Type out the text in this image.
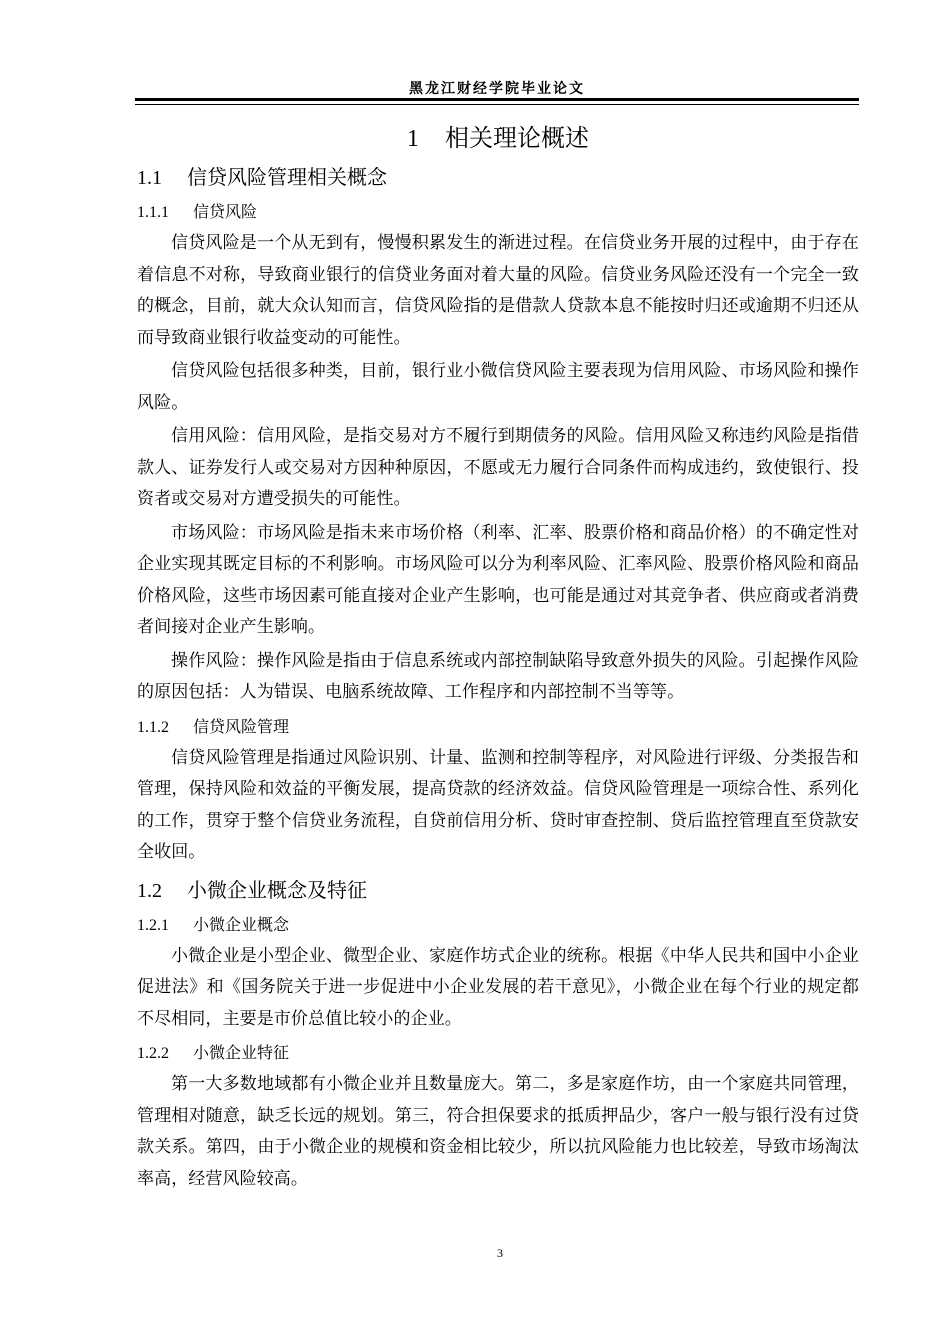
黑龙江财经学院毕业论文
1 相关理论概述
1.1 信贷风险管理相关概念
1.1.1 信贷风险

信贷风险是一个从无到有，慢慢积累发生的渐进过程。在信贷业务开展的过程中，由于存在着信息不对称，导致商业银行的信贷业务面对着大量的风险。信贷业务风险还没有一个完全一致的概念，目前，就大众认知而言，信贷风险指的是借款人贷款本息不能按时归还或逾期不归还从而导致商业银行收益变动的可能性。

信贷风险包括很多种类，目前，银行业小微信贷风险主要表现为信用风险、市场风险和操作风险。

信用风险：信用风险，是指交易对方不履行到期债务的风险。信用风险又称违约风险是指借款人、证券发行人或交易对方因种种原因，不愿或无力履行合同条件而构成违约，致使银行、投资者或交易对方遭受损失的可能性。

市场风险：市场风险是指未来市场价格（利率、汇率、股票价格和商品价格）的不确定性对企业实现其既定目标的不利影响。市场风险可以分为利率风险、汇率风险、股票价格风险和商品价格风险，这些市场因素可能直接对企业产生影响，也可能是通过对其竞争者、供应商或者消费者间接对企业产生影响。

操作风险：操作风险是指由于信息系统或内部控制缺陷导致意外损失的风险。引起操作风险的原因包括：人为错误、电脑系统故障、工作程序和内部控制不当等等。

1.1.2 信贷风险管理

信贷风险管理是指通过风险识别、计量、监测和控制等程序，对风险进行评级、分类报告和管理，保持风险和效益的平衡发展，提高贷款的经济效益。信贷风险管理是一项综合性、系列化的工作，贯穿于整个信贷业务流程，自贷前信用分析、贷时审查控制、贷后监控管理直至贷款安全收回。

1.2 小微企业概念及特征
1.2.1 小微企业概念

小微企业是小型企业、微型企业、家庭作坊式企业的统称。根据《中华人民共和国中小企业促进法》和《国务院关于进一步促进中小企业发展的若干意见》，小微企业在每个行业的规定都不尽相同，主要是市价总值比较小的企业。

1.2.2 小微企业特征

第一大多数地域都有小微企业并且数量庞大。第二，多是家庭作坊，由一个家庭共同管理，管理相对随意，缺乏长远的规划。第三，符合担保要求的抵质押品少，客户一般与银行没有过贷款关系。第四，由于小微企业的规模和资金相比较少，所以抗风险能力也比较差，导致市场淘汰率高，经营风险较高。

3
